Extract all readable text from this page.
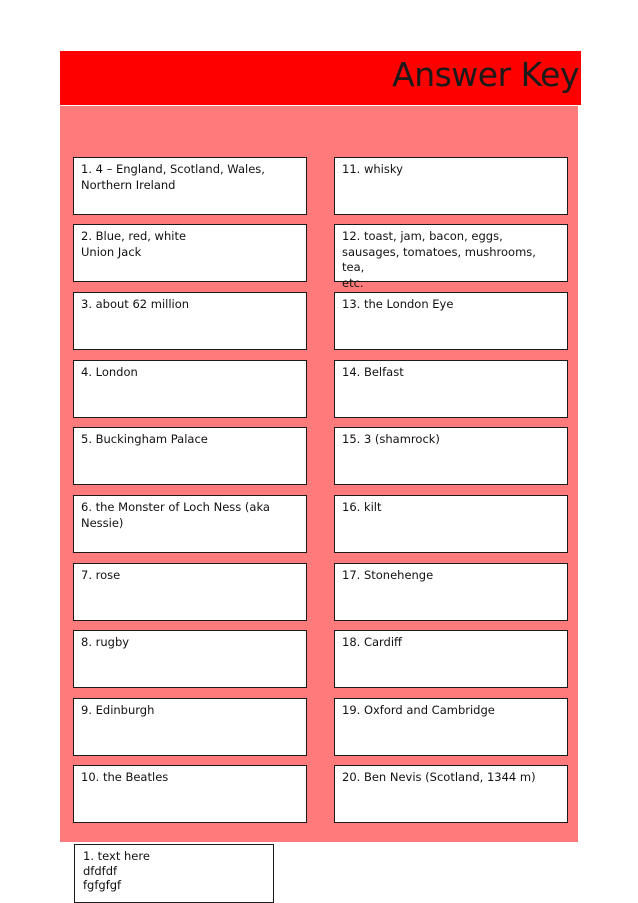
Answer Key
1. 4 – England, Scotland, Wales,
Northern Ireland
11. whisky
2. Blue, red, white
Union Jack
12. toast, jam, bacon, eggs,
sausages, tomatoes, mushrooms, tea,
etc.
3. about 62 million	13. the London Eye
4. London	14. Belfast
5. Buckingham Palace	15. 3 (shamrock)
6. the Monster of Loch Ness (aka
Nessie)
16. kilt
7. rose	17. Stonehenge
8. rugby	18. Cardiff
9. Edinburgh	19. Oxford and Cambridge
10. the Beatles	20. Ben Nevis (Scotland, 1344 m)
1. text here
dfdfdf
fgfgfgf
